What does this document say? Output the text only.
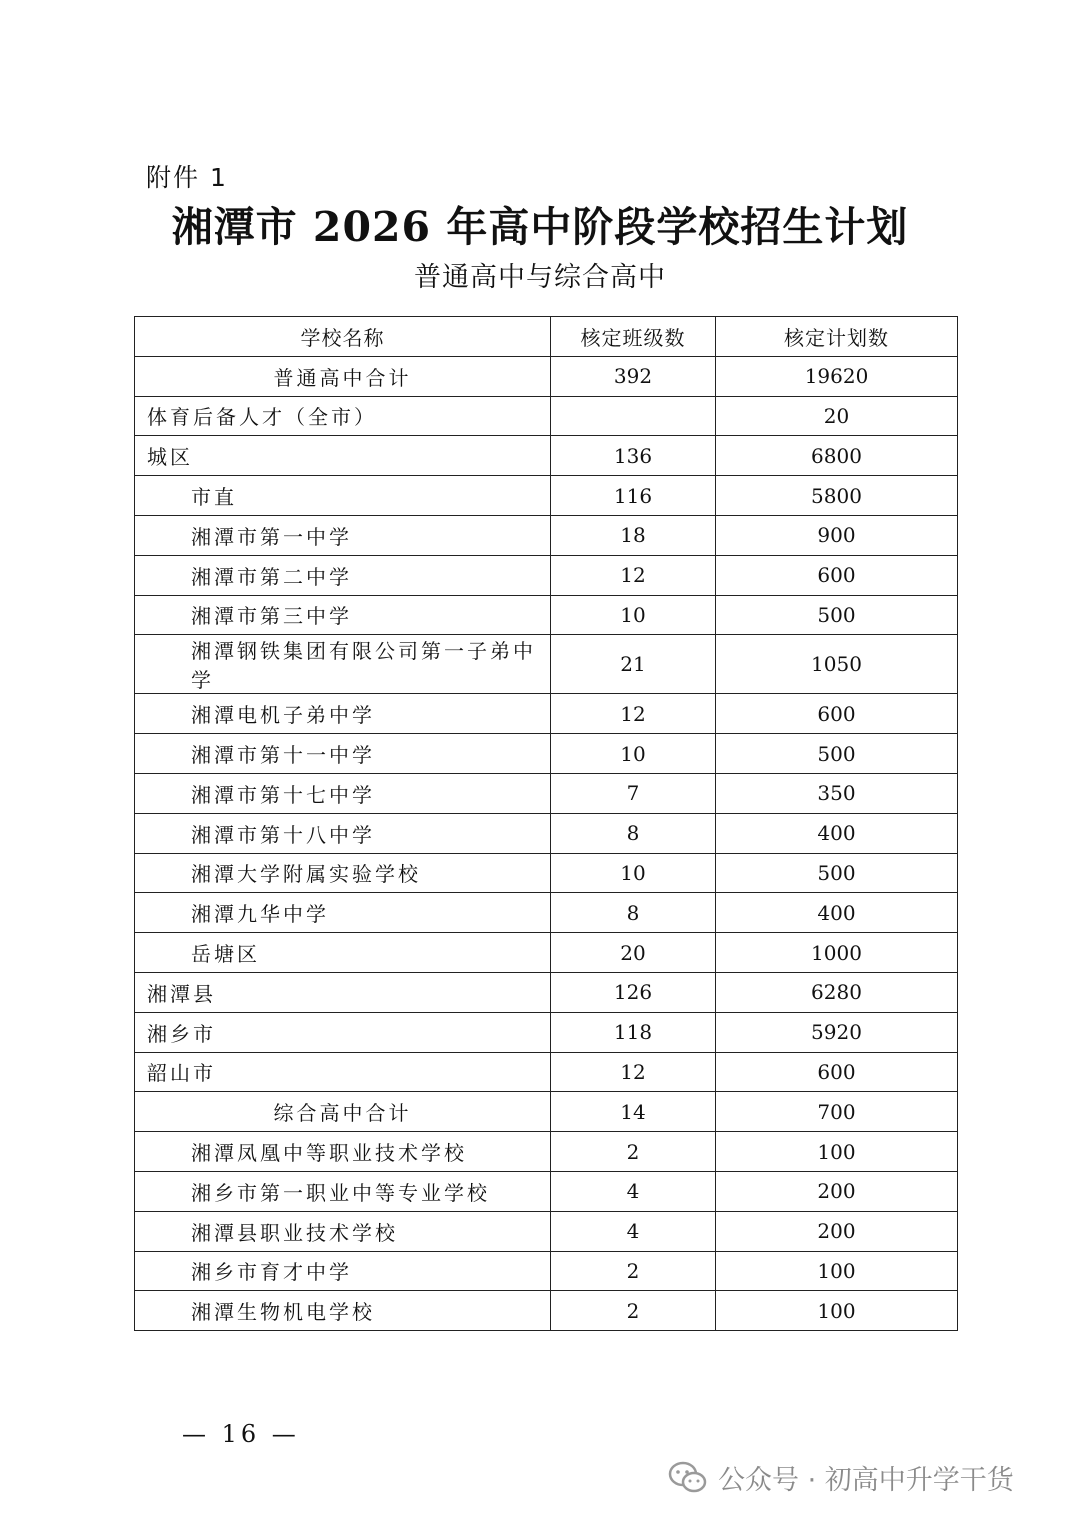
附件 1
湘潭市 2026 年高中阶段学校招生计划
普通高中与综合高中
学校名称	核定班级数	核定计划数
普通高中合计	392	19620
体育后备人才（全市）		20
城区	136	6800
市直	116	5800
湘潭市第一中学	18	900
湘潭市第二中学	12	600
湘潭市第三中学	10	500
湘潭钢铁集团有限公司第一子弟中学	21	1050
湘潭电机子弟中学	12	600
湘潭市第十一中学	10	500
湘潭市第十七中学	7	350
湘潭市第十八中学	8	400
湘潭大学附属实验学校	10	500
湘潭九华中学	8	400
岳塘区	20	1000
湘潭县	126	6280
湘乡市	118	5920
韶山市	12	600
综合高中合计	14	700
湘潭凤凰中等职业技术学校	2	100
湘乡市第一职业中等专业学校	4	200
湘潭县职业技术学校	4	200
湘乡市育才中学	2	100
湘潭生物机电学校	2	100
— 16 —
公众号 · 初高中升学干货
